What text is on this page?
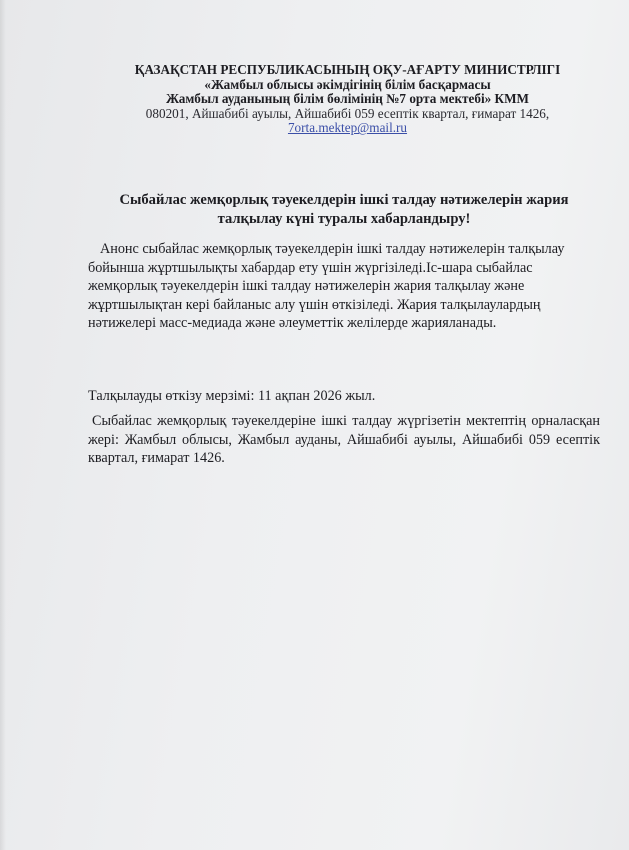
ҚАЗАҚСТАН РЕСПУБЛИКАСЫНЫҢ ОҚУ-АҒАРТУ МИНИСТРЛІГІ
«Жамбыл облысы әкімдігінің білім басқармасы
Жамбыл ауданының білім бөлімінің №7 орта мектебі» КММ
080201, Айшабибі ауылы, Айшабибі 059 есептік квартал, ғимарат 1426,
7orta.mektep@mail.ru
Сыбайлас жемқорлық тәуекелдерін ішкі талдау нәтижелерін жария талқылау күні туралы хабарландыру!
Анонс сыбайлас жемқорлық тәуекелдерін ішкі талдау нәтижелерін талқылау бойынша жұртшылықты хабардар ету үшін жүргізіледі.Іс-шара сыбайлас жемқорлық тәуекелдерін ішкі талдау нәтижелерін жария талқылау және жұртшылықтан кері байланыс алу үшін өткізіледі. Жария талқылаулардың нәтижелері масс-медиада және әлеуметтік желілерде жарияланады.
Талқылауды өткізу мерзімі: 11 ақпан 2026 жыл.
Сыбайлас жемқорлық тәуекелдеріне ішкі талдау жүргізетін мектептің орналасқан жері: Жамбыл облысы, Жамбыл ауданы, Айшабибі ауылы, Айшабибі 059 есептік квартал, ғимарат 1426.
